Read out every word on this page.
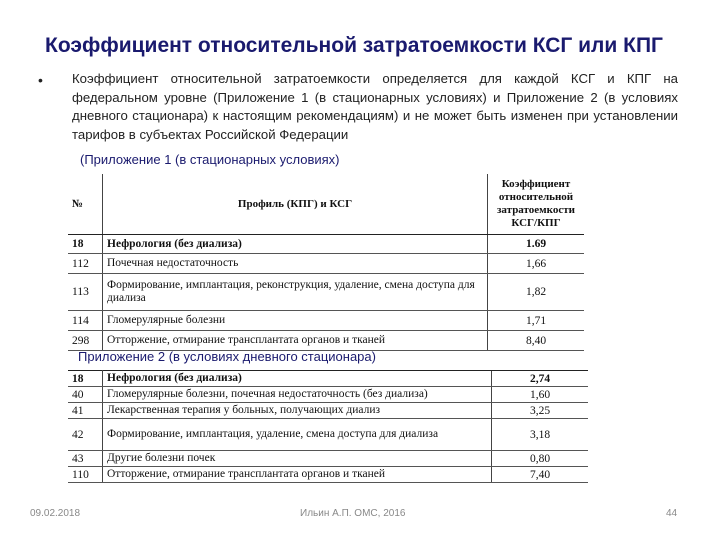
Коэффициент относительной затратоемкости КСГ или КПГ
• Коэффициент относительной затратоемкости определяется для каждой КСГ и КПГ на федеральном уровне (Приложение 1 (в стационарных условиях) и Приложение 2 (в условиях дневного стационара) к настоящим рекомендациям) и не может быть изменен при установлении тарифов в субъектах Российской Федерации
(Приложение 1 (в стационарных условиях)
№	Профиль (КПГ) и КСГ	Коэффициент относительной затратоемкости КСГ/КПГ
18	Нефрология (без диализа)	1.69
112	Почечная недостаточность	1,66
113	Формирование, имплантация, реконструкция, удаление, смена доступа для диализа	1,82
114	Гломерулярные болезни	1,71
298	Отторжение, отмирание трансплантата органов и тканей	8,40
Приложение 2 (в условиях дневного стационара)
18	Нефрология (без диализа)	2,74
40	Гломерулярные болезни, почечная недостаточность (без диализа)	1,60
41	Лекарственная терапия у больных, получающих диализ	3,25
42	Формирование, имплантация, удаление, смена доступа для диализа	3,18
43	Другие болезни почек	0,80
110	Отторжение, отмирание трансплантата органов и тканей	7,40
09.02.2018	Ильин А.П. ОМС, 2016	44
